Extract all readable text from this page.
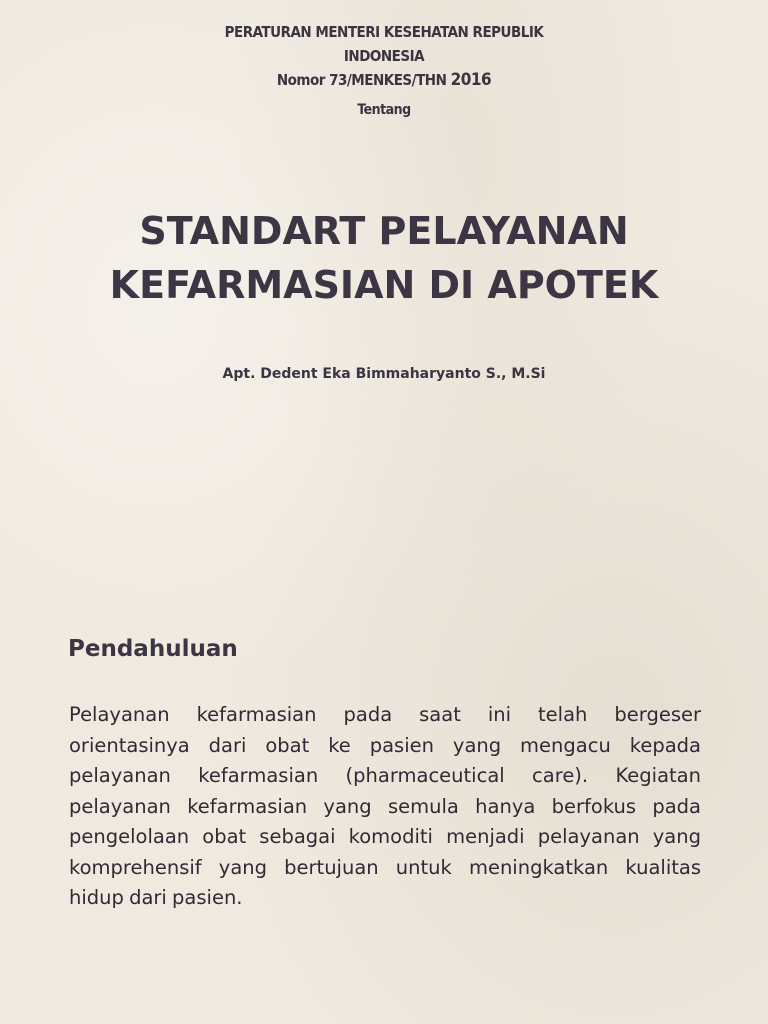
PERATURAN MENTERI KESEHATAN REPUBLIK
INDONESIA
Nomor 73/MENKES/THN 2016
Tentang
STANDART PELAYANAN
KEFARMASIAN DI APOTEK
Apt. Dedent Eka Bimmaharyanto S., M.Si
Pendahuluan
Pelayanan kefarmasian pada saat ini telah bergeser
orientasinya dari obat ke pasien yang mengacu kepada
pelayanan kefarmasian (pharmaceutical care). Kegiatan
pelayanan kefarmasian yang semula hanya berfokus pada
pengelolaan obat sebagai komoditi menjadi pelayanan yang
komprehensif yang bertujuan untuk meningkatkan kualitas
hidup dari pasien.
